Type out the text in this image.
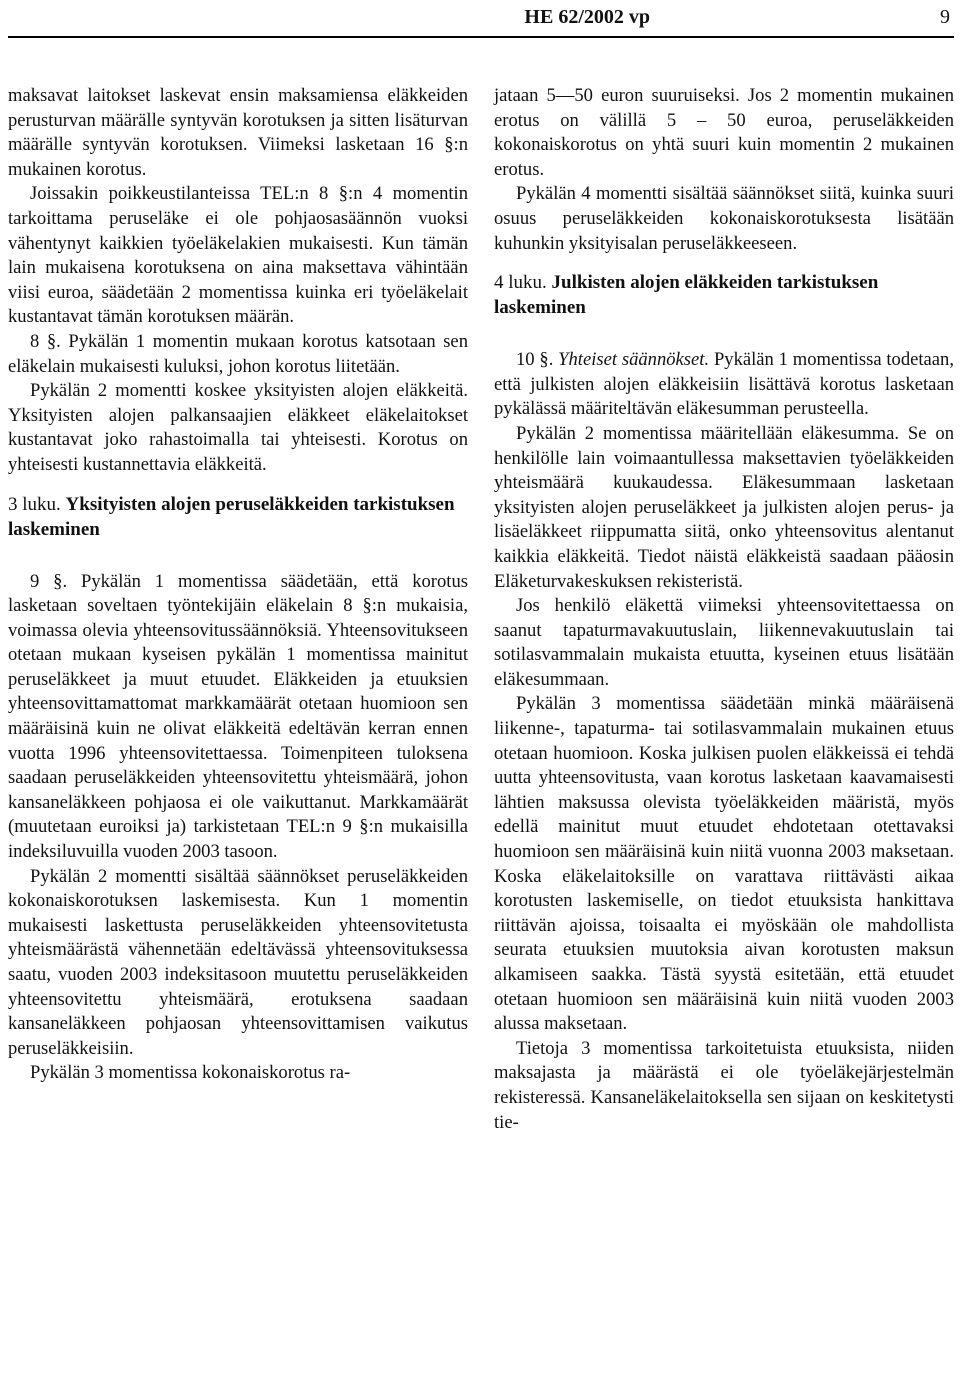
HE 62/2002 vp	9

maksavat laitokset laskevat ensin maksamiensa eläkkeiden perusturvan määrälle syntyvän korotuksen ja sitten lisäturvan määrälle syntyvän korotuksen. Viimeksi lasketaan 16 §:n mukainen korotus.

Joissakin poikkeustilanteissa TEL:n 8 §:n 4 momentin tarkoittama peruseläke ei ole pohjaosasäännön vuoksi vähentynyt kaikkien työeläkelakien mukaisesti. Kun tämän lain mukaisena korotuksena on aina maksettava vähintään viisi euroa, säädetään 2 momentissa kuinka eri työeläkelait kustantavat tämän korotuksen määrän.

8 §. Pykälän 1 momentin mukaan korotus katsotaan sen eläkelain mukaisesti kuluksi, johon korotus liitetään.

Pykälän 2 momentti koskee yksityisten alojen eläkkeitä. Yksityisten alojen palkansaajien eläkkeet eläkelaitokset kustantavat joko rahastoimalla tai yhteisesti. Korotus on yhteisesti kustannettavia eläkkeitä.

3 luku. Yksityisten alojen peruseläkkeiden tarkistuksen laskeminen

9 §. Pykälän 1 momentissa säädetään, että korotus lasketaan soveltaen työntekijäin eläkelain 8 §:n mukaisia, voimassa olevia yhteensovitussäännöksiä. Yhteensovitukseen otetaan mukaan kyseisen pykälän 1 momentissa mainitut peruseläkkeet ja muut etuudet. Eläkkeiden ja etuuksien yhteensovittamattomat markkamäärät otetaan huomioon sen määräisinä kuin ne olivat eläkkeitä edeltävän kerran ennen vuotta 1996 yhteensovitettaessa. Toimenpiteen tuloksena saadaan peruseläkkeiden yhteensovitettu yhteismäärä, johon kansaneläkkeen pohjaosa ei ole vaikuttanut. Markkamäärät (muutetaan euroiksi ja) tarkistetaan TEL:n 9 §:n mukaisilla indeksiluvuilla vuoden 2003 tasoon.

Pykälän 2 momentti sisältää säännökset peruseläkkeiden kokonaiskorotuksen laskemisesta. Kun 1 momentin mukaisesti laskettusta peruseläkkeiden yhteensovitetusta yhteismäärästä vähennetään edeltävässä yhteensovituksessa saatu, vuoden 2003 indeksitasoon muutettu peruseläkkeiden yhteensovitettu yhteismäärä, erotuksena saadaan kansaneläkkeen pohjaosan yhteensovittamisen vaikutus peruseläkkeisiin.

Pykälän 3 momentissa kokonaiskorotus ra-

jataan 5—50 euron suuruiseksi. Jos 2 momentin mukainen erotus on välillä 5 – 50 euroa, peruseläkkeiden kokonaiskorotus on yhtä suuri kuin momentin 2 mukainen erotus.

Pykälän 4 momentti sisältää säännökset siitä, kuinka suuri osuus peruseläkkeiden kokonaiskorotuksesta lisätään kuhunkin yksityisalan peruseläkkeeseen.

4 luku. Julkisten alojen eläkkeiden tarkistuksen laskeminen

10 §. Yhteiset säännökset. Pykälän 1 momentissa todetaan, että julkisten alojen eläkkeisiin lisättävä korotus lasketaan pykälässä määriteltävän eläkesumman perusteella.

Pykälän 2 momentissa määritellään eläkesumma. Se on henkilölle lain voimaantullessa maksettavien työeläkkeiden yhteismäärä kuukaudessa. Eläkesummaan lasketaan yksityisten alojen peruseläkkeet ja julkisten alojen perus- ja lisäeläkkeet riippumatta siitä, onko yhteensovitus alentanut kaikkia eläkkeitä. Tiedot näistä eläkkeistä saadaan pääosin Eläketurvakeskuksen rekisteristä.

Jos henkilö eläkettä viimeksi yhteensovitettaessa on saanut tapaturmavakuutuslain, liikennevakuutuslain tai sotilasvammalain mukaista etuutta, kyseinen etuus lisätään eläkesummaan.

Pykälän 3 momentissa säädetään minkä määräisenä liikenne-, tapaturma- tai sotilasvammalain mukainen etuus otetaan huomioon. Koska julkisen puolen eläkkeissä ei tehdä uutta yhteensovitusta, vaan korotus lasketaan kaavamaisesti lähtien maksussa olevista työeläkkeiden määristä, myös edellä mainitut muut etuudet ehdotetaan otettavaksi huomioon sen määräisinä kuin niitä vuonna 2003 maksetaan. Koska eläkelaitoksille on varattava riittävästi aikaa korotusten laskemiselle, on tiedot etuuksista hankittava riittävän ajoissa, toisaalta ei myöskään ole mahdollista seurata etuuksien muutoksia aivan korotusten maksun alkamiseen saakka. Tästä syystä esitetään, että etuudet otetaan huomioon sen määräisinä kuin niitä vuoden 2003 alussa maksetaan.

Tietoja 3 momentissa tarkoitetuista etuuksista, niiden maksajasta ja määrästä ei ole työeläkejärjestelmän rekisteressä. Kansaneläkelaitoksella sen sijaan on keskitetysti tie-
